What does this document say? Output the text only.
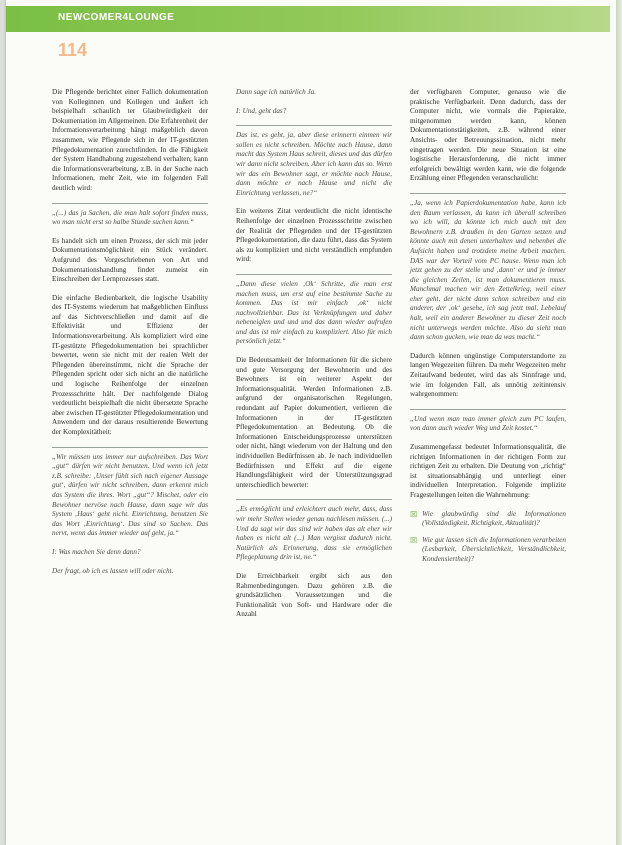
NEWCOMER4LOUNGE
114

Die Pflegende berichtet einer Fallich dokumentation von Kolleginnen und Kollegen und äußert ich beispielhaft schaulich ter Glaubwürdigkeit der Dokumentation im Allgemeinen. Die Erfahrenheit der Informationsverarbeitung hängt maßgeblich davon zusammen, wie Pflegende sich in der IT-gestützten Pflegedokumentation zurechtfinden. In die Fähigkeit der System Handhabung zugestehend verhalten, kann die Informationsverarbeitung, z.B. in der Suche nach Informationen, mehr Zeit, wie im folgenden Fall deutlich wird:

„(...) das ja Sachen, die man halt sofort finden muss, wo man nicht erst so halbe Stunde suchen kann.“

Es handelt sich um einen Prozess, der sich mit jeder Dokumentationsmöglichkeit ein Stück verändert. Aufgrund des Vorgeschriebenen von Art und Dokumentationshandlung findet zumeist ein Einschreiben der Lernprozesses statt.

Die einfache Bedienbarkeit, die logische Usability des IT-Systems wiederum hat maßgeblichen Einfluss auf das Sichtverschließen und damit auf die Effektivität und Effizienz der Informationsverarbeitung. Als kompliziert wird eine IT-gestützte Pflegedokumentation bei sprachlicher bewertet, wenn sie nicht mit der realen Welt der Pflegenden übereinstimmt, nicht die Sprache der Pflegenden spricht oder sich nicht an die natürliche und logische Reihenfolge der einzelnen Prozessschritte hält. Der nachfolgende Dialog verdeutlicht beispielhaft die nicht übersetzte Sprache aber zwischen IT-gestützter Pflegedokumentation und Anwendern und der daraus resultierende Bewertung der Komplexitätheit:

„Wir müssen uns immer nur aufschreiben. Das Wort „gut“ dürfen wir nicht benutzen. Und wenn ich jetzt z.B. schreibe: ‚Unser fühlt sich nach eigener Aussage gut‘, dürfen wir nicht schreiben, dann erkennt mich das System die ihres. Wort „gut“? Mischet, oder ein Bewohner nervöse nach Hause, dann sage wir das System ‚Haus‘ geht nicht. Einrichtung, benutzen Sie das Wort ‚Einrichtung‘. Das sind so Sachen. Das nervt, wenn das immer wieder auf geht, ja.“

I: Was machen Sie denn dann?

Der fragt, ob ich es lassen will oder nicht.

Dann sage ich natürlich Ja.

I: Und, geht das?

Das ist, es geht, ja, aber diese erinnern einmen wir sollen es nicht schreiben. Möchte nach Hause, dann macht das System Haus schreit, dieses und das dürfen wir dann nicht schreiben. Aber ich kann das so. Wenn wir das ein Bewohner sagt, er möchte nach Hause, dann möchte er nach Hause und nicht die Einrichtung verlassen, ne?“

Ein weiteres Zitat verdeutlicht die nicht identische Reihenfolge der einzelnen Prozessschritte zwischen der Realität der Pflegenden und der IT-gestützten Pflegedokumentation, die dazu führt, dass das System als zu kompliziert und nicht verständlich empfunden wird:

„Dann diese vielen ‚Ok‘ Schritte, die man erst machen muss, um erst auf eine bestimmte Sache zu kommen. Das ist mir einfach ‚ok‘ nicht nachvollziehbar. Das ist Verknüpfungen und daher nebeneiglen und und und das dann wieder aufrufen und das ist mir einfach zu kompliziert. Also für mich persönlich jetzt.“

Die Bedeutsamkeit der Informationen für die sichere und gute Versorgung der Bewohnerin und des Bewohners ist ein weiterer Aspekt der Informationsqualität. Werden Informationen z.B. aufgrund der organisatorischen Regelungen, redundant auf Papier dokumentiert, verlieren die Informationen in der IT-gestützten Pflegedokumentation an Bedeutung. Ob die Informationen Entscheidungsprozesse unterstützen oder nicht, hängt wiederum von der Haltung und den individuellen Bedürfnissen ab. Je nach individuellen Bedürfnissen und Effekt auf die eigene Handlungsfähigkeit wird der Unterstützungsgrad unterschiedlich bewertet:

„Es ermöglicht und erleichtert auch mehr, dass, dass wir mehr Stellen wieder genau nachlesen müssen. (...) Und da sagt wir das sind wir haben das alt eher wir haben es nicht alt (...) Man vergisst dadurch nicht. Natürlich als Erinnerung, dass sie ermöglichen Pflegeplanung drin ist, ne.“

Die Erreichbarkeit ergibt sich aus den Rahmenbedingungen. Dazu gehören z.B. die grundsätzlichen Voraussetzungen und die Funktionalität von Soft- und Hardware oder die Anzahl

der verfügbaren Computer, genauso wie die praktische Verfügbarkeit. Denn dadurch, dass der Computer nicht, wie vormals die Papierakte, mitgenommen werden kann, können Dokumentationstätigkeiten, z.B. während einer Ansichts- oder Betreuungssituation, nicht mehr eingetragen werden. Die neue Situation ist eine logistische Herausforderung, die nicht immer erfolgreich bewältigt werden kann, wie die folgende Erzählung einer Pflegenden veranschaulicht:

„Ja, wenn ich Papierdokumentation habe, kann ich den Raum verlassen, da kann ich überall schreiben wo ich will, da könnte ich mich auch mit den Bewohnern z.B. draußen in den Garten setzen und könnte auch mit denen unterhalten und nebenbei die Aufsicht haben und trotzdem meine Arbeit machen. DAS war der Vorteil vom PC hause. Wenn man ich jetzt gehen zu der stelle und ‚dann‘ er und je immer die gleichen Zeilen, ist man dokumentieren muss. Manchmal machen wir den Zettelkrieg, weil einer eher geht, der nicht dann schon schreiben und ein anderer, der ‚ok‘ gesehe, ich sag jetzt mal, Lebelauf halt, weil ein anderer Bewohner zu dieser Zeit noch nicht unterwegs werden möchte. Also da sieht man dann schon gucken, wie man da was macht.“

Dadurch können ungünstige Computerstandorte zu langen Wegezeiten führen. Da mehr Wegezeiten mehr Zeitaufwand bedeutet, wird das als Sinnfrage und, wie im folgenden Fall, als unnötig zeitintensiv wahrgenommen:

„Und wenn man man immer gleich zum PC laufen, von dann auch wieder Weg und Zeit kostet.“

Zusammengefasst bedeutet Informationsqualität, die richtigen Informationen in der richtigen Form zur richtigen Zeit zu erhalten. Die Deutung von „richtig“ ist situationsabhängig und unterliegt einer individuellen Interpretation. Folgende implizite Fragestellungen leiten die Wahrnehmung:

☒ Wie glaubwürdig sind die Informationen (Vollständigkeit, Richtigkeit, Aktualität)?
☒ Wie gut lassen sich die Informationen verarbeiten (Lesbarkeit, Übersichtlichkeit, Verständlichkeit, Kondensiertheit)?
